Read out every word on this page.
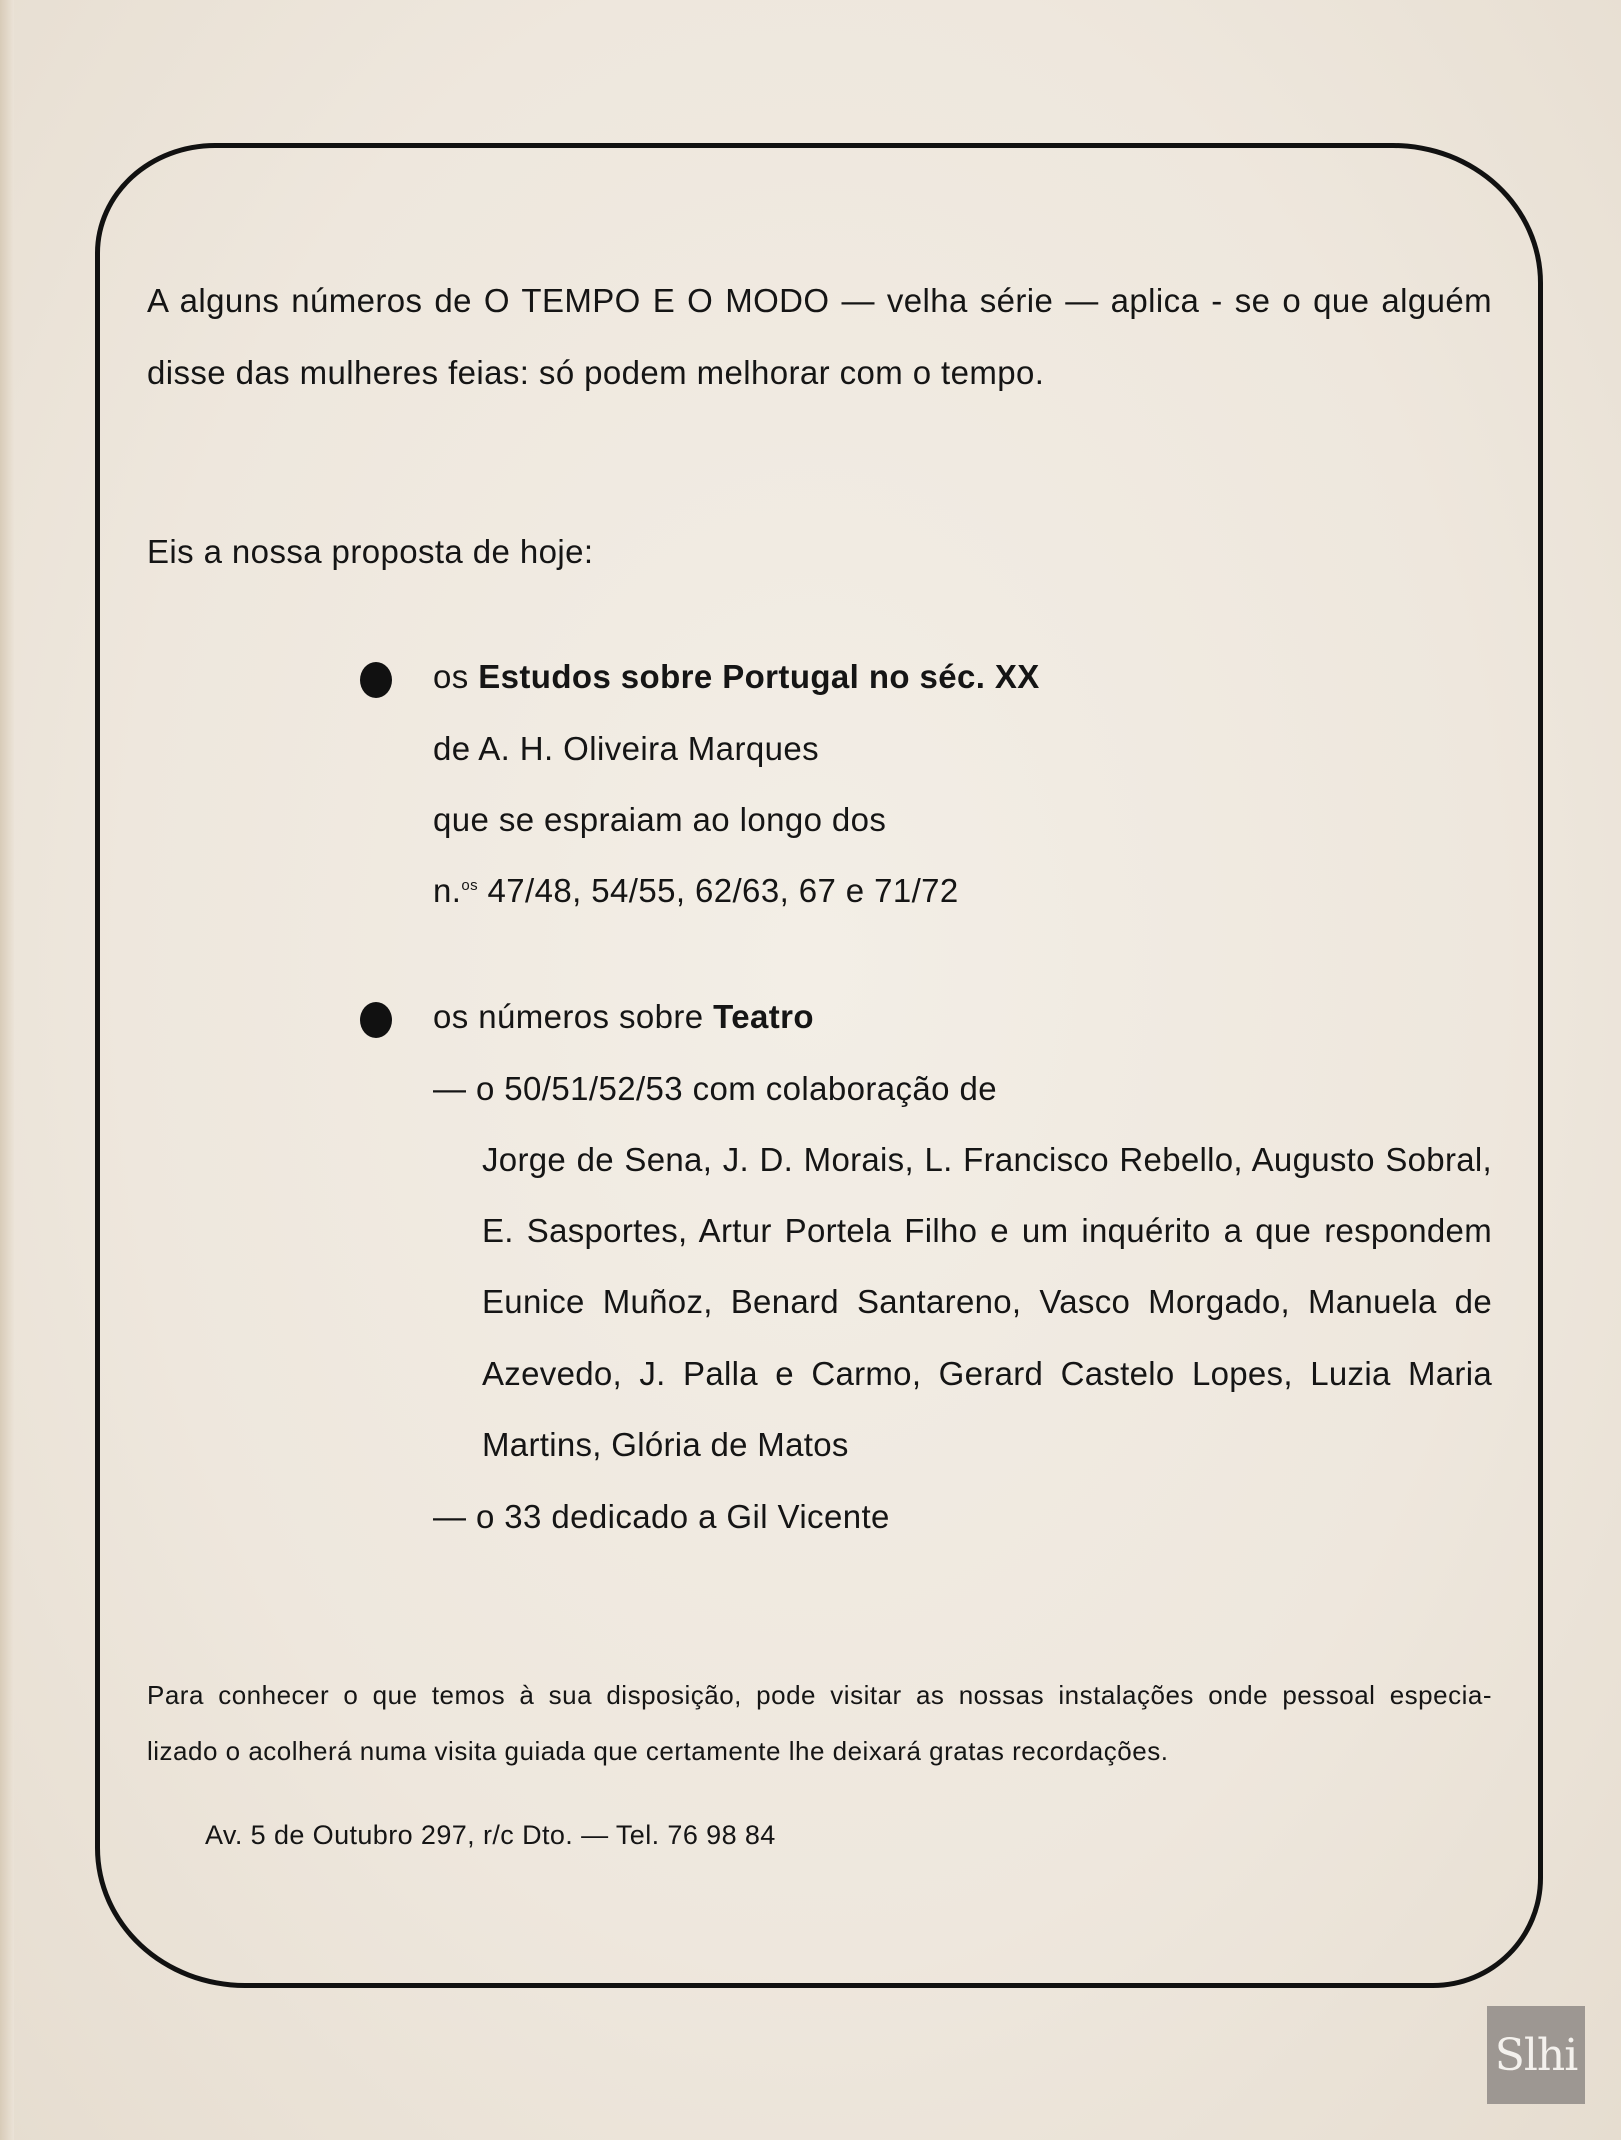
A alguns números de O TEMPO E O MODO — velha série — aplica - se o que alguém
disse das mulheres feias: só podem melhorar com o tempo.
Eis a nossa proposta de hoje:
os Estudos sobre Portugal no séc. XX
de A. H. Oliveira Marques
que se espraiam ao longo dos
n.$^{os}$ 47/48, 54/55, 62/63, 67 e 71/72
os números sobre Teatro
— o 50/51/52/53 com colaboração de
Jorge de Sena, J. D. Morais, L. Francisco Rebello, Augusto Sobral,
E. Sasportes, Artur Portela Filho e um inquérito a que respondem
Eunice Muñoz, Benard Santareno, Vasco Morgado, Manuela de
Azevedo, J. Palla e Carmo, Gerard Castelo Lopes, Luzia Maria
Martins, Glória de Matos
— o 33 dedicado a Gil Vicente
Para conhecer o que temos à sua disposição, pode visitar as nossas instalações onde pessoal especia-
lizado o acolherá numa visita guiada que certamente lhe deixará gratas recordações.
Av. 5 de Outubro 297, r/c Dto. — Tel. 76 98 84
Slhi
